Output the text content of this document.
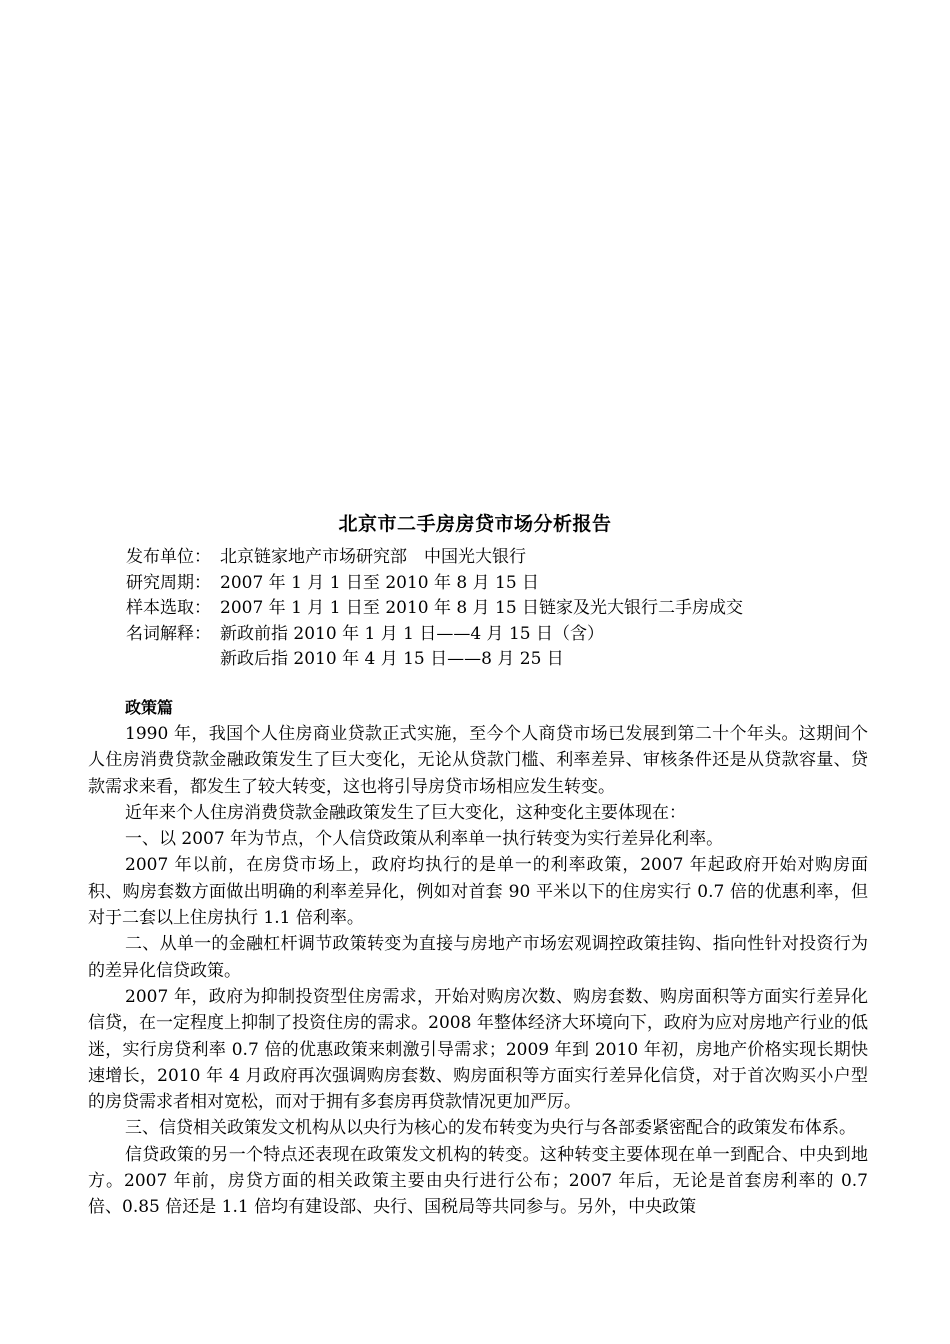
北京市二手房房贷市场分析报告
发布单位： 北京链家地产市场研究部　中国光大银行
研究周期： 2007 年 1 月 1 日至 2010 年 8 月 15 日
样本选取： 2007 年 1 月 1 日至 2010 年 8 月 15 日链家及光大银行二手房成交
名词解释： 新政前指 2010 年 1 月 1 日——4 月 15 日（含）
新政后指 2010 年 4 月 15 日——8 月 25 日

政策篇

1990 年，我国个人住房商业贷款正式实施，至今个人商贷市场已发展到第二十个年头。这期间个人住房消费贷款金融政策发生了巨大变化，无论从贷款门槛、利率差异、审核条件还是从贷款容量、贷款需求来看，都发生了较大转变，这也将引导房贷市场相应发生转变。

近年来个人住房消费贷款金融政策发生了巨大变化，这种变化主要体现在：

一、以 2007 年为节点，个人信贷政策从利率单一执行转变为实行差异化利率。

2007 年以前，在房贷市场上，政府均执行的是单一的利率政策，2007 年起政府开始对购房面积、购房套数方面做出明确的利率差异化，例如对首套 90 平米以下的住房实行 0.7 倍的优惠利率，但对于二套以上住房执行 1.1 倍利率。

二、从单一的金融杠杆调节政策转变为直接与房地产市场宏观调控政策挂钩、指向性针对投资行为的差异化信贷政策。

2007 年，政府为抑制投资型住房需求，开始对购房次数、购房套数、购房面积等方面实行差异化信贷，在一定程度上抑制了投资住房的需求。2008 年整体经济大环境向下，政府为应对房地产行业的低迷，实行房贷利率 0.7 倍的优惠政策来刺激引导需求；2009 年到 2010 年初，房地产价格实现长期快速增长，2010 年 4 月政府再次强调购房套数、购房面积等方面实行差异化信贷，对于首次购买小户型的房贷需求者相对宽松，而对于拥有多套房再贷款情况更加严厉。

三、信贷相关政策发文机构从以央行为核心的发布转变为央行与各部委紧密配合的政策发布体系。

信贷政策的另一个特点还表现在政策发文机构的转变。这种转变主要体现在单一到配合、中央到地方。2007 年前，房贷方面的相关政策主要由央行进行公布；2007 年后，无论是首套房利率的 0.7 倍、0.85 倍还是 1.1 倍均有建设部、央行、国税局等共同参与。另外，中央政策
